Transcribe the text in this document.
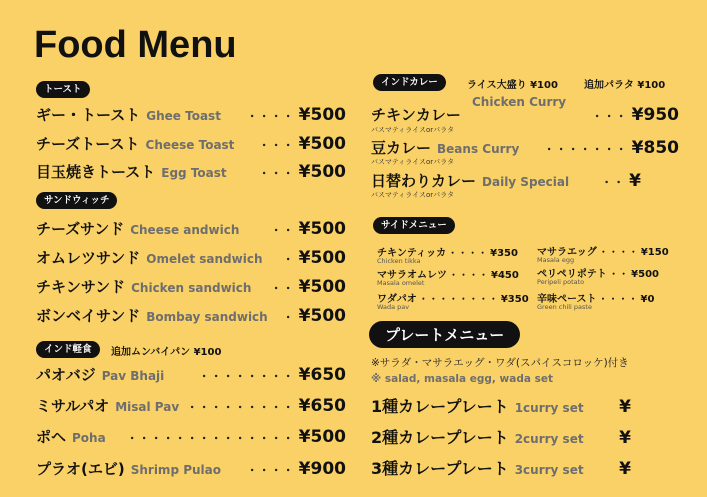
Food Menu
トースト
ギー・トースト Ghee Toast	・・・・ ¥500
チーズトースト Cheese Toast	・・・ ¥500
目玉焼きトースト Egg Toast	・・・ ¥500
サンドウィッチ
チーズサンド Cheese andwich	・・ ¥500
オムレツサンド Omelet sandwich	・ ¥500
チキンサンド Chicken sandwich	・・ ¥500
ボンベイサンド Bombay sandwich	・ ¥500
インド軽食	追加ムンバイパン ¥100
パオバジ Pav Bhaji	・・・・・・・・ ¥650
ミサルパオ Misal Pav ・・・・・・・・・ ¥650
ポヘ Poha	・・・・・・・・・・・・・・ ¥500
プラオ(エビ) Shrimp Pulao	・・・・ ¥900
インドカレー	ライス大盛り ¥100	追加パラタ ¥100
Chicken Curry
チキンカレー	・・・ ¥950
バスマティライスorパラタ
豆カレー Beans Curry	・・・・・・・ ¥850
バスマティライスorパラタ
日替わりカレー Daily Special	・・ ¥
バスマティライスorパラタ
サイドメニュー
チキンティッカ ・・・・ ¥350
Chicken tikka
マサラオムレツ ・・・・ ¥450
Masala omelet
ワダパオ ・・・・・・・・ ¥350
Wada pav
マサラエッグ ・・・・ ¥150
Masala egg
ペリペリポテト ・・ ¥500
Peripeli potato
辛味ペースト ・・・・ ¥0
Green chili paste
プレートメニュー
※サラダ・マサラエッグ・ワダ(スパイスコロッケ)付き
※ salad, masala egg, wada set
1種カレープレート 1curry set ¥
2種カレープレート 2curry set ¥
3種カレープレート 3curry set ¥
